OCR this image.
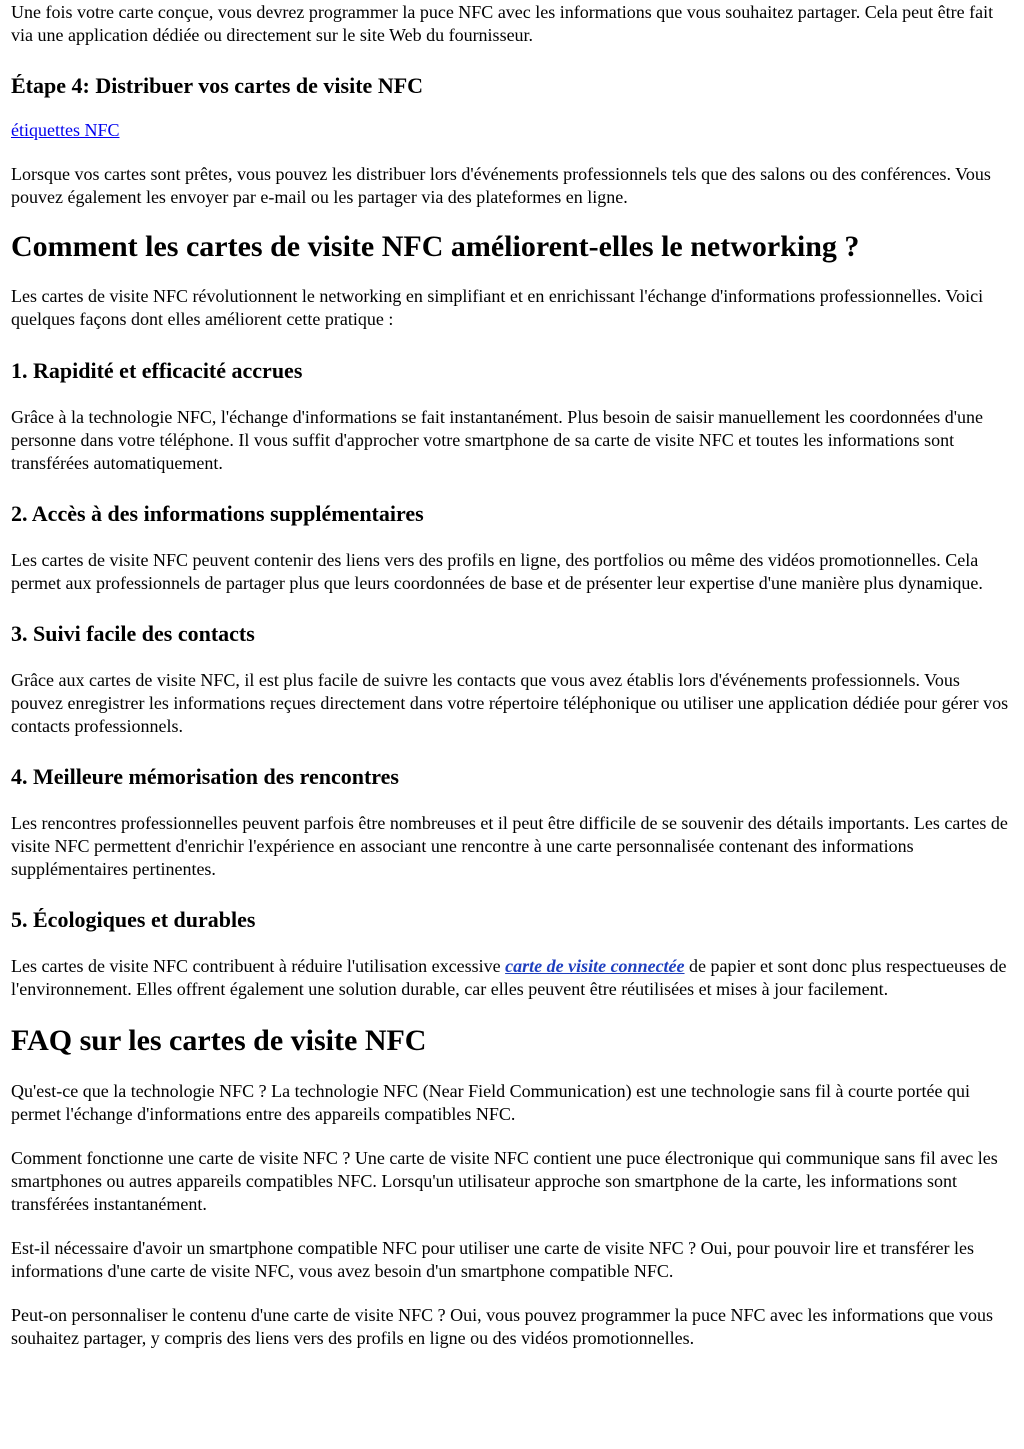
Une fois votre carte conçue, vous devrez programmer la puce NFC avec les informations que vous souhaitez partager. Cela peut être fait via une application dédiée ou directement sur le site Web du fournisseur.

Étape 4: Distribuer vos cartes de visite NFC

étiquettes NFC

Lorsque vos cartes sont prêtes, vous pouvez les distribuer lors d'événements professionnels tels que des salons ou des conférences. Vous pouvez également les envoyer par e-mail ou les partager via des plateformes en ligne.

Comment les cartes de visite NFC améliorent-elles le networking ?

Les cartes de visite NFC révolutionnent le networking en simplifiant et en enrichissant l'échange d'informations professionnelles. Voici quelques façons dont elles améliorent cette pratique :

1. Rapidité et efficacité accrues

Grâce à la technologie NFC, l'échange d'informations se fait instantanément. Plus besoin de saisir manuellement les coordonnées d'une personne dans votre téléphone. Il vous suffit d'approcher votre smartphone de sa carte de visite NFC et toutes les informations sont transférées automatiquement.

2. Accès à des informations supplémentaires

Les cartes de visite NFC peuvent contenir des liens vers des profils en ligne, des portfolios ou même des vidéos promotionnelles. Cela permet aux professionnels de partager plus que leurs coordonnées de base et de présenter leur expertise d'une manière plus dynamique.

3. Suivi facile des contacts

Grâce aux cartes de visite NFC, il est plus facile de suivre les contacts que vous avez établis lors d'événements professionnels. Vous pouvez enregistrer les informations reçues directement dans votre répertoire téléphonique ou utiliser une application dédiée pour gérer vos contacts professionnels.

4. Meilleure mémorisation des rencontres

Les rencontres professionnelles peuvent parfois être nombreuses et il peut être difficile de se souvenir des détails importants. Les cartes de visite NFC permettent d'enrichir l'expérience en associant une rencontre à une carte personnalisée contenant des informations supplémentaires pertinentes.

5. Écologiques et durables

Les cartes de visite NFC contribuent à réduire l'utilisation excessive carte de visite connectée de papier et sont donc plus respectueuses de l'environnement. Elles offrent également une solution durable, car elles peuvent être réutilisées et mises à jour facilement.

FAQ sur les cartes de visite NFC

Qu'est-ce que la technologie NFC ? La technologie NFC (Near Field Communication) est une technologie sans fil à courte portée qui permet l'échange d'informations entre des appareils compatibles NFC.

Comment fonctionne une carte de visite NFC ? Une carte de visite NFC contient une puce électronique qui communique sans fil avec les smartphones ou autres appareils compatibles NFC. Lorsqu'un utilisateur approche son smartphone de la carte, les informations sont transférées instantanément.

Est-il nécessaire d'avoir un smartphone compatible NFC pour utiliser une carte de visite NFC ? Oui, pour pouvoir lire et transférer les informations d'une carte de visite NFC, vous avez besoin d'un smartphone compatible NFC.

Peut-on personnaliser le contenu d'une carte de visite NFC ? Oui, vous pouvez programmer la puce NFC avec les informations que vous souhaitez partager, y compris des liens vers des profils en ligne ou des vidéos promotionnelles.
